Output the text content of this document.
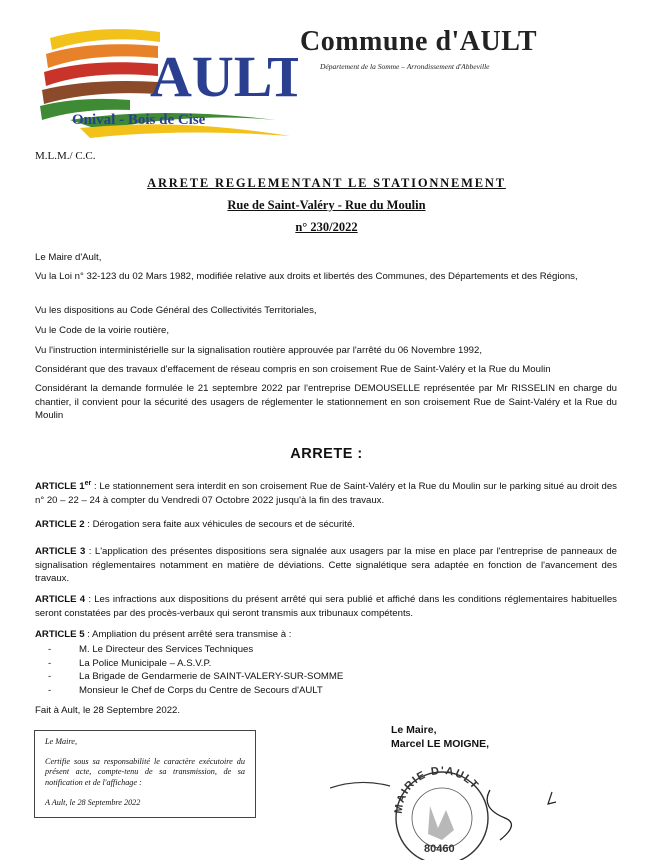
AULT
Onival - Bois de Cise
Commune d'AULT
Département de la Somme – Arrondissement d'Abbeville
M.L.M./ C.C.
ARRETE REGLEMENTANT LE STATIONNEMENT
Rue de Saint-Valéry - Rue du Moulin
n° 230/2022
Le Maire d'Ault,
Vu la Loi n° 32-123 du 02 Mars 1982, modifiée relative aux droits et libertés des Communes, des Départements et des Régions,
Vu les dispositions au Code Général des Collectivités Territoriales,
Vu le Code de la voirie routière,
Vu l'instruction interministérielle sur la signalisation routière approuvée par l'arrêté du 06 Novembre 1992,
Considérant que des travaux d'effacement de réseau compris en son croisement Rue de Saint-Valéry et la Rue du Moulin
Considérant la demande formulée le 21 septembre 2022 par l'entreprise DEMOUSELLE représentée par Mr RISSELIN en charge du chantier, il convient pour la sécurité des usagers de réglementer le stationnement en son croisement Rue de Saint-Valéry et la Rue du Moulin
ARRETE :
ARTICLE 1er : Le stationnement sera interdit en son croisement Rue de Saint-Valéry et la Rue du Moulin sur le parking situé au droit des n° 20 – 22 – 24 à compter du Vendredi 07 Octobre 2022 jusqu'à la fin des travaux.
ARTICLE 2 : Dérogation sera faite aux véhicules de secours et de sécurité.
ARTICLE 3 : L'application des présentes dispositions sera signalée aux usagers par la mise en place par l'entreprise de panneaux de signalisation réglementaires notamment en matière de déviations. Cette signalétique sera adaptée en fonction de l'avancement des travaux.
ARTICLE 4 : Les infractions aux dispositions du présent arrêté qui sera publié et affiché dans les conditions réglementaires habituelles seront constatées par des procès-verbaux qui seront transmis aux tribunaux compétents.
ARTICLE 5 : Ampliation du présent arrêté sera transmise à :
-	M. Le Directeur des Services Techniques
-	La Police Municipale – A.S.V.P.
-	La Brigade de Gendarmerie de SAINT-VALERY-SUR-SOMME
-	Monsieur le Chef de Corps du Centre de Secours d'AULT
Fait à Ault, le 28 Septembre 2022.
Le Maire,
Certifie sous sa responsabilité le caractère exécutoire du présent acte, compte-tenu de sa transmission, de sa notification et de l'affichage :
A Ault, le 28 Septembre 2022
Le Maire,
Marcel LE MOIGNE,
MAIRIE D'AULT
80460
